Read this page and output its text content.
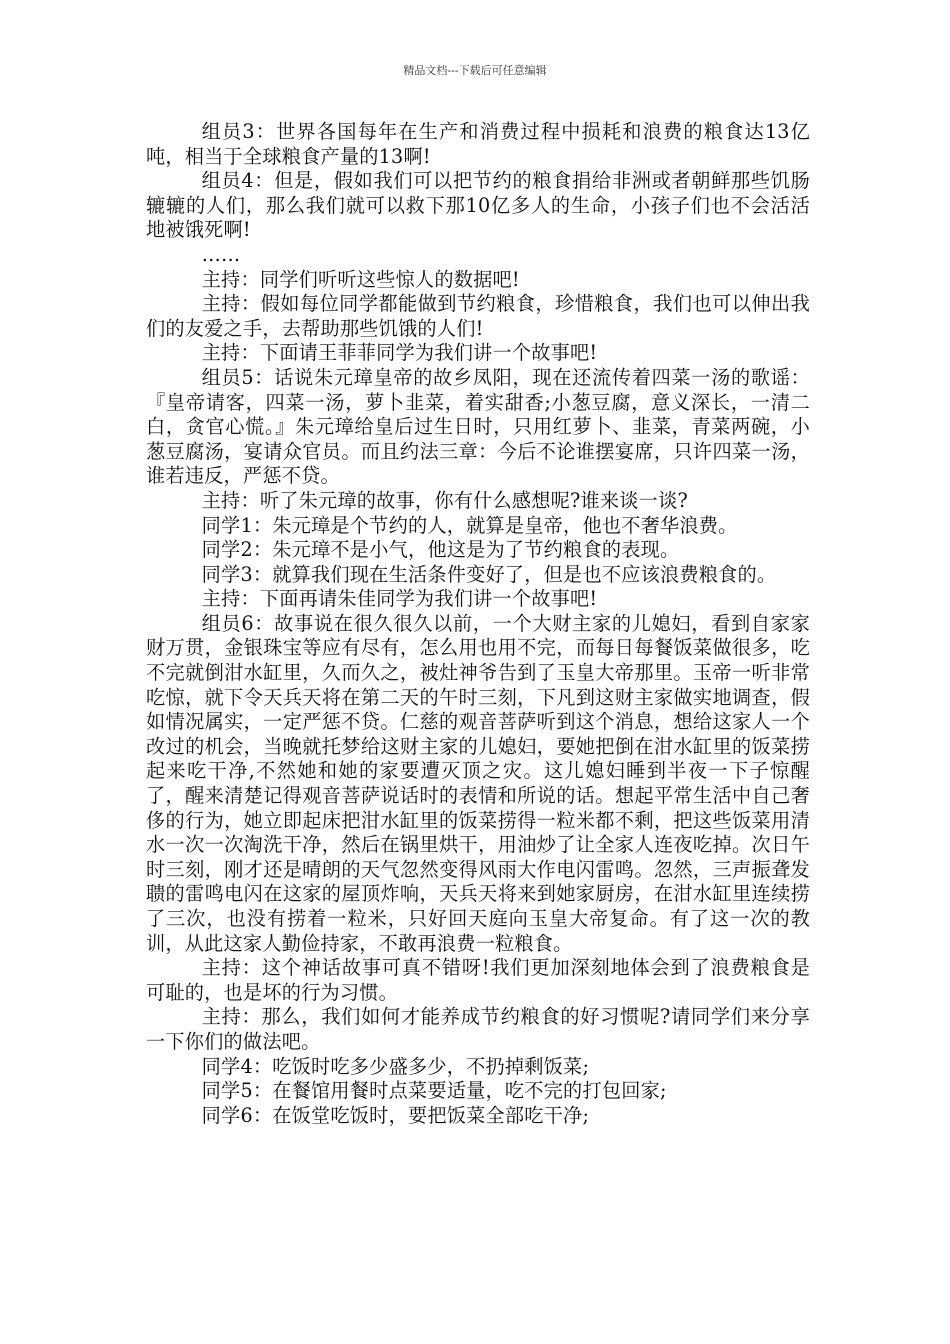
精品文档---下载后可任意编辑

组员3：世界各国每年在生产和消费过程中损耗和浪费的粮食达13亿吨，相当于全球粮食产量的13啊!

组员4：但是，假如我们可以把节约的粮食捐给非洲或者朝鲜那些饥肠辘辘的人们，那么我们就可以救下那10亿多人的生命，小孩子们也不会活活地被饿死啊!

……

主持：同学们听听这些惊人的数据吧!

主持：假如每位同学都能做到节约粮食，珍惜粮食，我们也可以伸出我们的友爱之手，去帮助那些饥饿的人们!

主持：下面请王菲菲同学为我们讲一个故事吧!

组员5：话说朱元璋皇帝的故乡凤阳，现在还流传着四菜一汤的歌谣：『皇帝请客，四菜一汤，萝卜韭菜，着实甜香;小葱豆腐，意义深长，一清二白，贪官心慌。』朱元璋给皇后过生日时，只用红萝卜、韭菜，青菜两碗，小葱豆腐汤，宴请众官员。而且约法三章：今后不论谁摆宴席，只许四菜一汤，谁若违反，严惩不贷。

主持：听了朱元璋的故事，你有什么感想呢?谁来谈一谈?

同学1：朱元璋是个节约的人，就算是皇帝，他也不奢华浪费。

同学2：朱元璋不是小气，他这是为了节约粮食的表现。

同学3：就算我们现在生活条件变好了，但是也不应该浪费粮食的。

主持：下面再请朱佳同学为我们讲一个故事吧!

组员6：故事说在很久很久以前，一个大财主家的儿媳妇，看到自家家财万贯，金银珠宝等应有尽有，怎么用也用不完，而每日每餐饭菜做很多，吃不完就倒泔水缸里，久而久之，被灶神爷告到了玉皇大帝那里。玉帝一听非常吃惊，就下令天兵天将在第二天的午时三刻，下凡到这财主家做实地调查，假如情况属实，一定严惩不贷。仁慈的观音菩萨听到这个消息，想给这家人一个改过的机会，当晚就托梦给这财主家的儿媳妇，要她把倒在泔水缸里的饭菜捞起来吃干净,不然她和她的家要遭灭顶之灾。这儿媳妇睡到半夜一下子惊醒了，醒来清楚记得观音菩萨说话时的表情和所说的话。想起平常生活中自己奢侈的行为，她立即起床把泔水缸里的饭菜捞得一粒米都不剩，把这些饭菜用清水一次一次淘洗干净，然后在锅里烘干，用油炒了让全家人连夜吃掉。次日午时三刻，刚才还是晴朗的天气忽然变得风雨大作电闪雷鸣。忽然，三声振聋发聩的雷鸣电闪在这家的屋顶炸响，天兵天将来到她家厨房，在泔水缸里连续捞了三次，也没有捞着一粒米，只好回天庭向玉皇大帝复命。有了这一次的教训，从此这家人勤俭持家，不敢再浪费一粒粮食。

主持：这个神话故事可真不错呀!我们更加深刻地体会到了浪费粮食是可耻的，也是坏的行为习惯。

主持：那么，我们如何才能养成节约粮食的好习惯呢?请同学们来分享一下你们的做法吧。

同学4：吃饭时吃多少盛多少，不扔掉剩饭菜;

同学5：在餐馆用餐时点菜要适量，吃不完的打包回家;

同学6：在饭堂吃饭时，要把饭菜全部吃干净;
